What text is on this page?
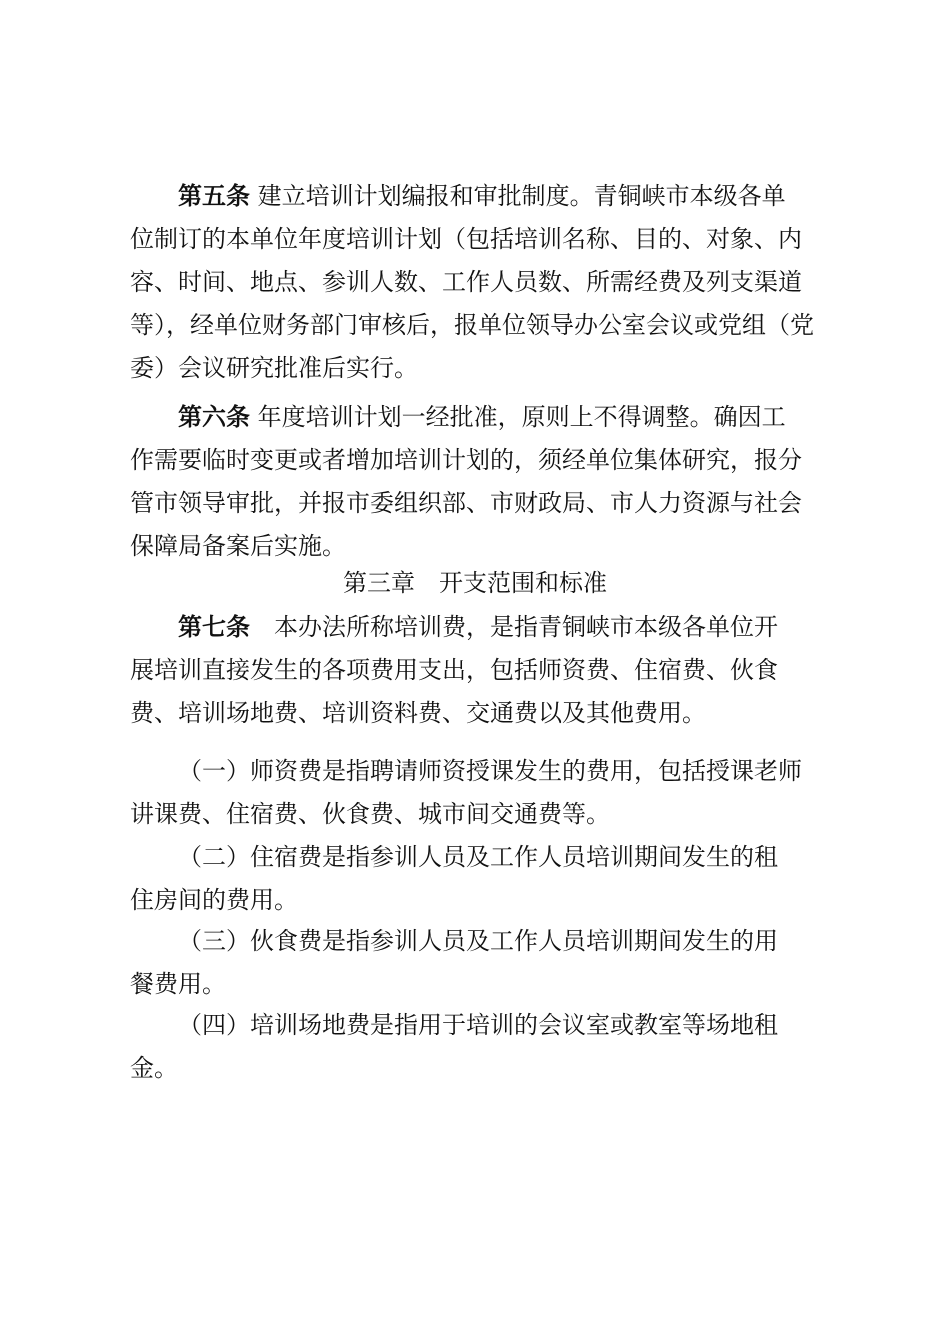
第五条 建立培训计划编报和审批制度。青铜峡市本级各单
位制订的本单位年度培训计划（包括培训名称、目的、对象、内
容、时间、地点、参训人数、工作人员数、所需经费及列支渠道
等），经单位财务部门审核后，报单位领导办公室会议或党组（党
委）会议研究批准后实行。
第六条 年度培训计划一经批准，原则上不得调整。确因工
作需要临时变更或者增加培训计划的，须经单位集体研究，报分
管市领导审批，并报市委组织部、市财政局、市人力资源与社会
保障局备案后实施。
第三章　开支范围和标准
第七条　本办法所称培训费，是指青铜峡市本级各单位开
展培训直接发生的各项费用支出，包括师资费、住宿费、伙食
费、培训场地费、培训资料费、交通费以及其他费用。
（一）师资费是指聘请师资授课发生的费用，包括授课老师
讲课费、住宿费、伙食费、城市间交通费等。
（二）住宿费是指参训人员及工作人员培训期间发生的租
住房间的费用。
（三）伙食费是指参训人员及工作人员培训期间发生的用
餐费用。
（四）培训场地费是指用于培训的会议室或教室等场地租
金。
